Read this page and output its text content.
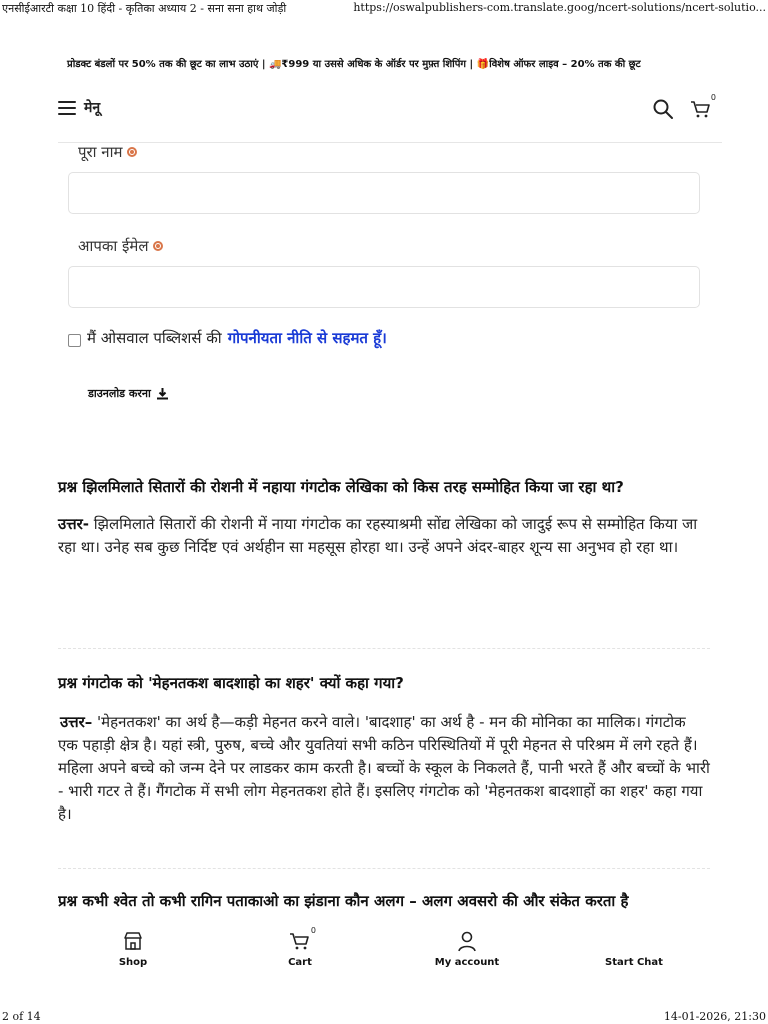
एनसीईआरटी कक्षा 10 हिंदी - कृतिका अध्याय 2 - सना सना हाथ जोड़ी	https://oswalpublishers-com.translate.goog/ncert-solutions/ncert-solutio...
प्रोडक्ट बंडलों पर 50% तक की छूट का लाभ उठाएं | 🚚₹999 या उससे अधिक के ऑर्डर पर मुफ़्त शिपिंग | 🎁विशेष ऑफर लाइव – 20% तक की छूट
मेनू
0
पूरा नाम
आपका ईमेल
मैं ओसवाल पब्लिशर्स की गोपनीयता नीति से सहमत हूँ।
डाउनलोड करना

प्रश्न झिलमिलाते सितारों की रोशनी में नहाया गंगटोक लेखिका को किस तरह सम्मोहित किया जा रहा था?

उत्तर- झिलमिलाते सितारों की रोशनी में नाया गंगटोक का रहस्याश्रमी सोंद्य लेखिका को जादुई रूप से सम्मोहित किया जा रहा था। उनेह सब कुछ निर्दिष्ट एवं अर्थहीन सा महसूस होरहा था। उन्हें अपने अंदर-बाहर शून्य सा अनुभव हो रहा था।

प्रश्न गंगटोक को 'मेहनतकश बादशाहो का शहर' क्यों कहा गया?

उत्तर– 'मेहनतकश' का अर्थ है—कड़ी मेहनत करने वाले। 'बादशाह' का अर्थ है - मन की मोनिका का मालिक। गंगटोक एक पहाड़ी क्षेत्र है। यहां स्त्री, पुरुष, बच्चे और युवतियां सभी कठिन परिस्थितियों में पूरी मेहनत से परिश्रम में लगे रहते हैं। महिला अपने बच्चे को जन्म देने पर लाडकर काम करती है। बच्चों के स्कूल के निकलते हैं, पानी भरते हैं और बच्चों के भारी - भारी गटर ते हैं। गैंगटोक में सभी लोग मेहनतकश होते हैं। इसलिए गंगटोक को 'मेहनतकश बादशाहों का शहर' कहा गया है।

प्रश्न कभी श्वेत तो कभी रागिन पताकाओ का झंडाना कौन अलग – अलग अवसरो की और संकेत करता है

Shop
0
Cart	My account	Start Chat
2 of 14	14-01-2026, 21:30
